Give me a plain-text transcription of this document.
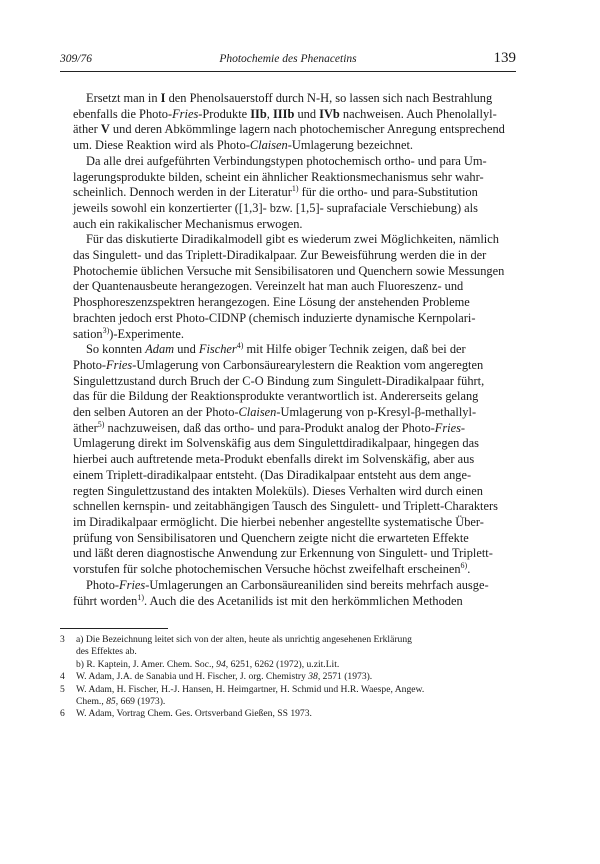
309/76	Photochemie des Phenacetins	139

Ersetzt man in I den Phenolsauerstoff durch N-H, so lassen sich nach Bestrahlung
ebenfalls die Photo-Fries-Produkte IIb, IIIb und IVb nachweisen. Auch Phenolallyl-
äther V und deren Abkömmlinge lagern nach photochemischer Anregung entsprechend
um. Diese Reaktion wird als Photo-Claisen-Umlagerung bezeichnet.

Da alle drei aufgeführten Verbindungstypen photochemisch ortho- und para Um-
lagerungsprodukte bilden, scheint ein ähnlicher Reaktionsmechanismus sehr wahr-
scheinlich. Dennoch werden in der Literatur$^{1)}$ für die ortho- und para-Substitution
jeweils sowohl ein konzertierter ([1,3]- bzw. [1,5]- suprafaciale Verschiebung) als
auch ein rakikalischer Mechanismus erwogen.

Für das diskutierte Diradikalmodell gibt es wiederum zwei Möglichkeiten, nämlich
das Singulett- und das Triplett-Diradikalpaar. Zur Beweisführung werden die in der
Photochemie üblichen Versuche mit Sensibilisatoren und Quenchern sowie Messungen
der Quantenausbeute herangezogen. Vereinzelt hat man auch Fluoreszenz- und
Phosphoreszenzspektren herangezogen. Eine Lösung der anstehenden Probleme
brachten jedoch erst Photo-CIDNP (chemisch induzierte dynamische Kernpolari-
sation$^{3)}$)-Experimente.

So konnten Adam und Fischer$^{4)}$ mit Hilfe obiger Technik zeigen, daß bei der
Photo-Fries-Umlagerung von Carbonsäurearylestern die Reaktion vom angeregten
Singulettzustand durch Bruch der C-O Bindung zum Singulett-Diradikalpaar führt,
das für die Bildung der Reaktionsprodukte verantwortlich ist. Andererseits gelang
den selben Autoren an der Photo-Claisen-Umlagerung von p-Kresyl-β-methallyl-
äther$^{5)}$ nachzuweisen, daß das ortho- und para-Produkt analog der Photo-Fries-
Umlagerung direkt im Solvenskäfig aus dem Singulettdiradikalpaar, hingegen das
hierbei auch auftretende meta-Produkt ebenfalls direkt im Solvenskäfig, aber aus
einem Triplett-diradikalpaar entsteht. (Das Diradikalpaar entsteht aus dem ange-
regten Singulettzustand des intakten Moleküls). Dieses Verhalten wird durch einen
schnellen kernspin- und zeitabhängigen Tausch des Singulett- und Triplett-Charakters
im Diradikalpaar ermöglicht. Die hierbei nebenher angestellte systematische Über-
prüfung von Sensibilisatoren und Quenchern zeigte nicht die erwarteten Effekte
und läßt deren diagnostische Anwendung zur Erkennung von Singulett- und Triplett-
vorstufen für solche photochemischen Versuche höchst zweifelhaft erscheinen$^{6)}$.

Photo-Fries-Umlagerungen an Carbonsäureaniliden sind bereits mehrfach ausge-
führt worden$^{1)}$. Auch die des Acetanilids ist mit den herkömmlichen Methoden

3 a) Die Bezeichnung leitet sich von der alten, heute als unrichtig angesehenen Erklärung
des Effektes ab.
b) R. Kaptein, J. Amer. Chem. Soc., 94, 6251, 6262 (1972), u.zit.Lit.
4 W. Adam, J.A. de Sanabia und H. Fischer, J. org. Chemistry 38, 2571 (1973).
5 W. Adam, H. Fischer, H.-J. Hansen, H. Heimgartner, H. Schmid und H.R. Waespe, Angew.
Chem., 85, 669 (1973).
6 W. Adam, Vortrag Chem. Ges. Ortsverband Gießen, SS 1973.
